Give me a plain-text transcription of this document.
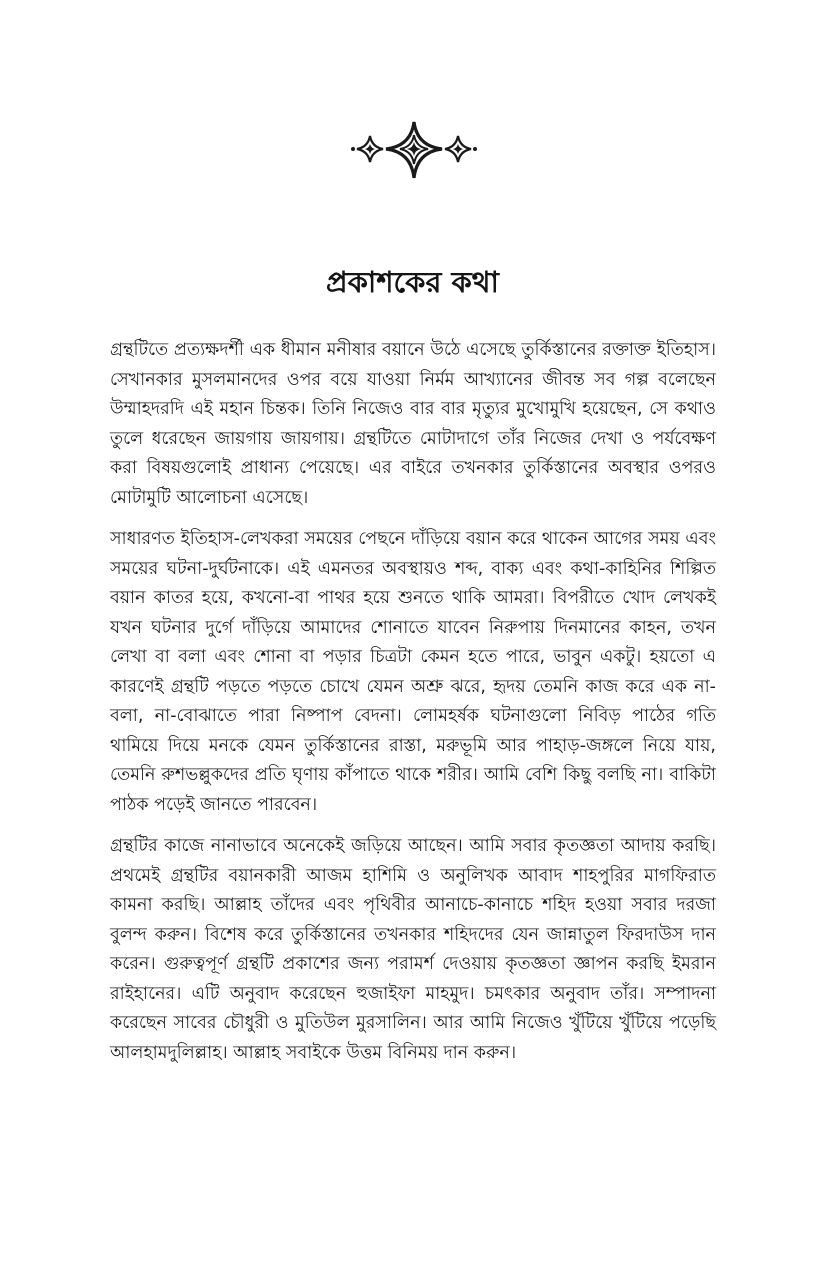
প্রকাশকের কথা

গ্রন্থটিতে প্রত্যক্ষদর্শী এক ধীমান মনীষার বয়ানে উঠে এসেছে তুর্কিস্তানের রক্তাক্ত ইতিহাস। সেখানকার মুসলমানদের ওপর বয়ে যাওয়া নির্মম আখ্যানের জীবন্ত সব গল্প বলেছেন উম্মাহদরদি এই মহান চিন্তক। তিনি নিজেও বার বার মৃত্যুর মুখোমুখি হয়েছেন, সে কথাও তুলে ধরেছেন জায়গায় জায়গায়। গ্রন্থটিতে মোটাদাগে তাঁর নিজের দেখা ও পর্যবেক্ষণ করা বিষয়গুলোই প্রাধান্য পেয়েছে। এর বাইরে তখনকার তুর্কিস্তানের অবস্থার ওপরও মোটামুটি আলোচনা এসেছে।

সাধারণত ইতিহাস-লেখকরা সময়ের পেছনে দাঁড়িয়ে বয়ান করে থাকেন আগের সময় এবং সময়ের ঘটনা-দুর্ঘটনাকে। এই এমনতর অবস্থায়ও শব্দ, বাক্য এবং কথা-কাহিনির শিল্পিত বয়ান কাতর হয়ে, কখনো-বা পাথর হয়ে শুনতে থাকি আমরা। বিপরীতে খোদ লেখকই যখন ঘটনার দুর্গে দাঁড়িয়ে আমাদের শোনাতে যাবেন নিরুপায় দিনমানের কাহন, তখন লেখা বা বলা এবং শোনা বা পড়ার চিত্রটা কেমন হতে পারে, ভাবুন একটু। হয়তো এ কারণেই গ্রন্থটি পড়তে পড়তে চোখে যেমন অশ্রু ঝরে, হৃদয় তেমনি কাজ করে এক না-বলা, না-বোঝাতে পারা নিষ্পাপ বেদনা। লোমহর্ষক ঘটনাগুলো নিবিড় পাঠের গতি থামিয়ে দিয়ে মনকে যেমন তুর্কিস্তানের রাস্তা, মরুভূমি আর পাহাড়-জঙ্গলে নিয়ে যায়, তেমনি রুশভল্লুকদের প্রতি ঘৃণায় কাঁপাতে থাকে শরীর। আমি বেশি কিছু বলছি না। বাকিটা পাঠক পড়েই জানতে পারবেন।

গ্রন্থটির কাজে নানাভাবে অনেকেই জড়িয়ে আছেন। আমি সবার কৃতজ্ঞতা আদায় করছি। প্রথমেই গ্রন্থটির বয়ানকারী আজম হাশিমি ও অনুলিখক আবাদ শাহপুরির মাগফিরাত কামনা করছি। আল্লাহ তাঁদের এবং পৃথিবীর আনাচে-কানাচে শহিদ হওয়া সবার দরজা বুলন্দ করুন। বিশেষ করে তুর্কিস্তানের তখনকার শহিদদের যেন জান্নাতুল ফিরদাউস দান করেন। গুরুত্বপূর্ণ গ্রন্থটি প্রকাশের জন্য পরামর্শ দেওয়ায় কৃতজ্ঞতা জ্ঞাপন করছি ইমরান রাইহানের। এটি অনুবাদ করেছেন হুজাইফা মাহমুদ। চমৎকার অনুবাদ তাঁর। সম্পাদনা করেছেন সাবের চৌধুরী ও মুতিউল মুরসালিন। আর আমি নিজেও খুঁটিয়ে খুঁটিয়ে পড়েছি আলহামদুলিল্লাহ। আল্লাহ সবাইকে উত্তম বিনিময় দান করুন।
